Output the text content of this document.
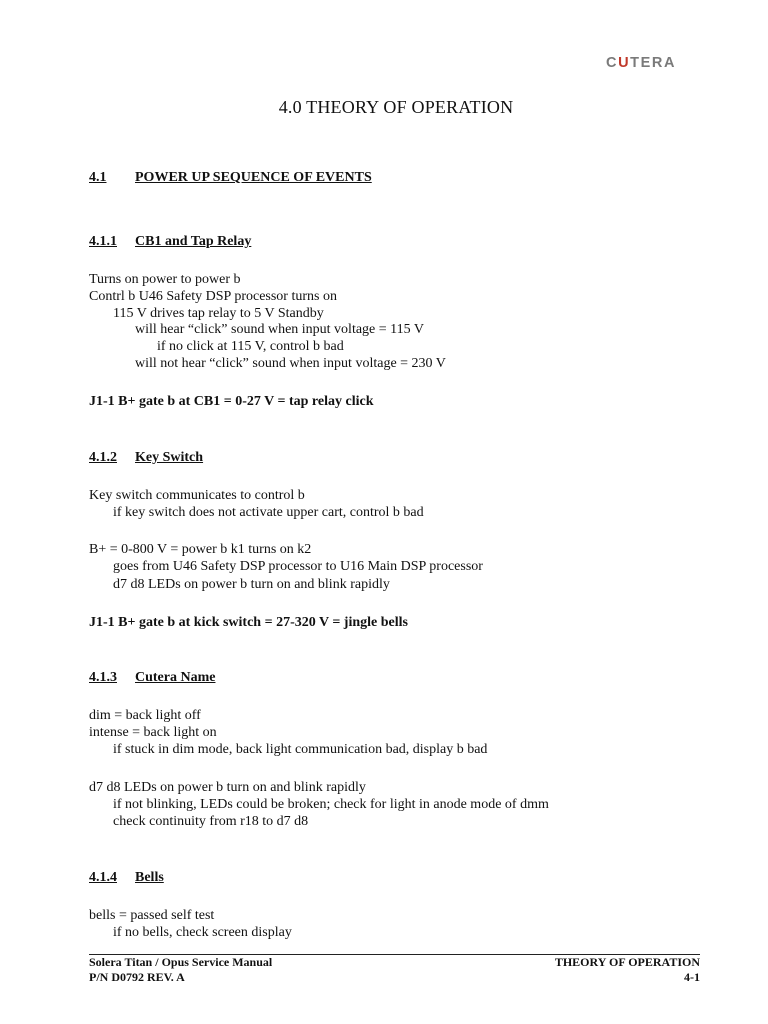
CUTERA
4.0 THEORY OF OPERATION
4.1 POWER UP SEQUENCE OF EVENTS
4.1.1 CB1 and Tap Relay
Turns on power to power b
Contrl b U46 Safety DSP processor turns on
115 V drives tap relay to 5 V Standby
will hear “click” sound when input voltage = 115 V
if no click at 115 V, control b bad
will not hear “click” sound when input voltage = 230 V
J1-1 B+ gate b at CB1 = 0-27 V = tap relay click
4.1.2 Key Switch
Key switch communicates to control b
if key switch does not activate upper cart, control b bad
B+ = 0-800 V = power b k1 turns on k2
goes from U46 Safety DSP processor to U16 Main DSP processor
d7 d8 LEDs on power b turn on and blink rapidly
J1-1 B+ gate b at kick switch = 27-320 V = jingle bells
4.1.3 Cutera Name
dim = back light off
intense = back light on
if stuck in dim mode, back light communication bad, display b bad
d7 d8 LEDs on power b turn on and blink rapidly
if not blinking, LEDs could be broken; check for light in anode mode of dmm
check continuity from r18 to d7 d8
4.1.4 Bells
bells = passed self test
if no bells, check screen display
Solera Titan / Opus Service Manual
P/N D0792 REV. A
THEORY OF OPERATION
4-1
